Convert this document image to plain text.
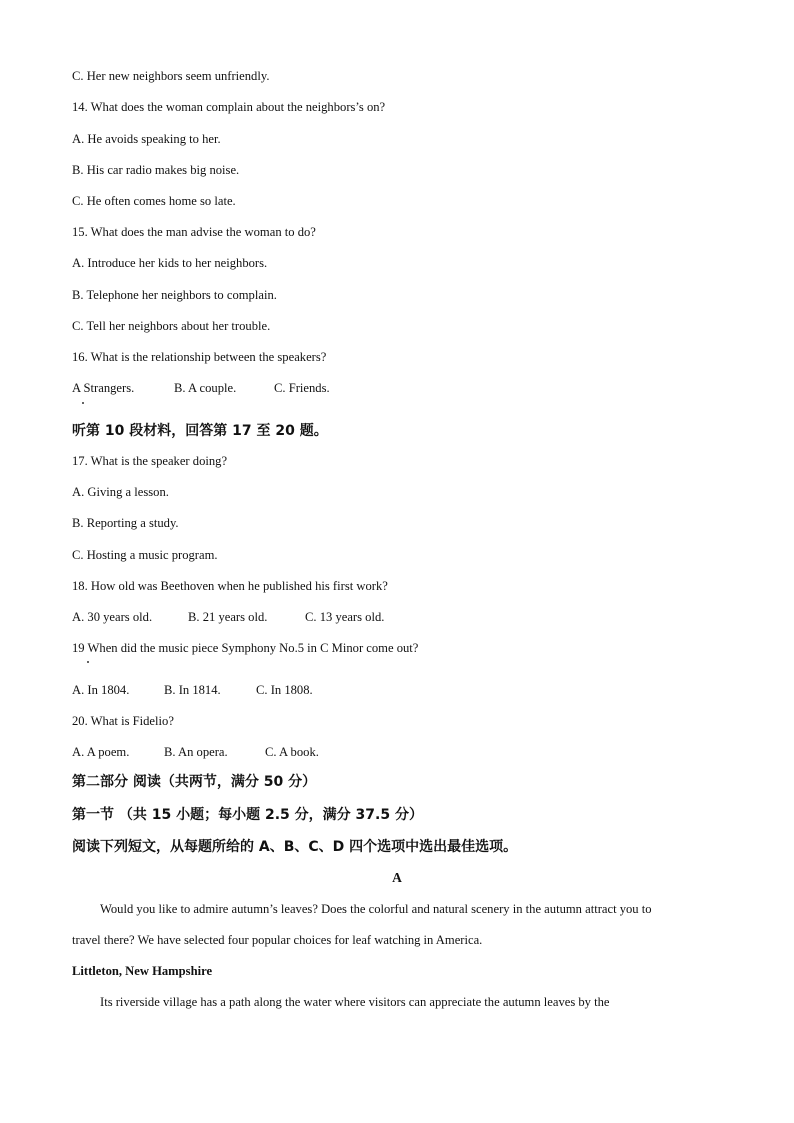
C. Her new neighbors seem unfriendly.
14. What does the woman complain about the neighbors’s on?
A. He avoids speaking to her.
B. His car radio makes big noise.
C. He often comes home so late.
15. What does the man advise the woman to do?
A. Introduce her kids to her neighbors.
B. Telephone her neighbors to complain.
C. Tell her neighbors about her trouble.
16. What is the relationship between the speakers?
A Strangers.	B. A couple.	C. Friends.
听第 10 段材料，回答第 17 至 20 题。
17. What is the speaker doing?
A. Giving a lesson.
B. Reporting a study.
C. Hosting a music program.
18. How old was Beethoven when he published his first work?
A. 30 years old.	B. 21 years old.	C. 13 years old.
19 When did the music piece Symphony No.5 in C Minor come out?
A. In 1804.	B. In 1814.	C. In 1808.
20. What is Fidelio?
A. A poem.	B. An opera.	C. A book.
第二部分 阅读（共两节，满分 50 分）
第一节 （共 15 小题；每小题 2.5 分，满分 37.5 分）
阅读下列短文，从每题所给的 A、B、C、D 四个选项中选出最佳选项。
A
Would you like to admire autumn’s leaves? Does the colorful and natural scenery in the autumn attract you to
travel there? We have selected four popular choices for leaf watching in America.
Littleton, New Hampshire
Its riverside village has a path along the water where visitors can appreciate the autumn leaves by the
